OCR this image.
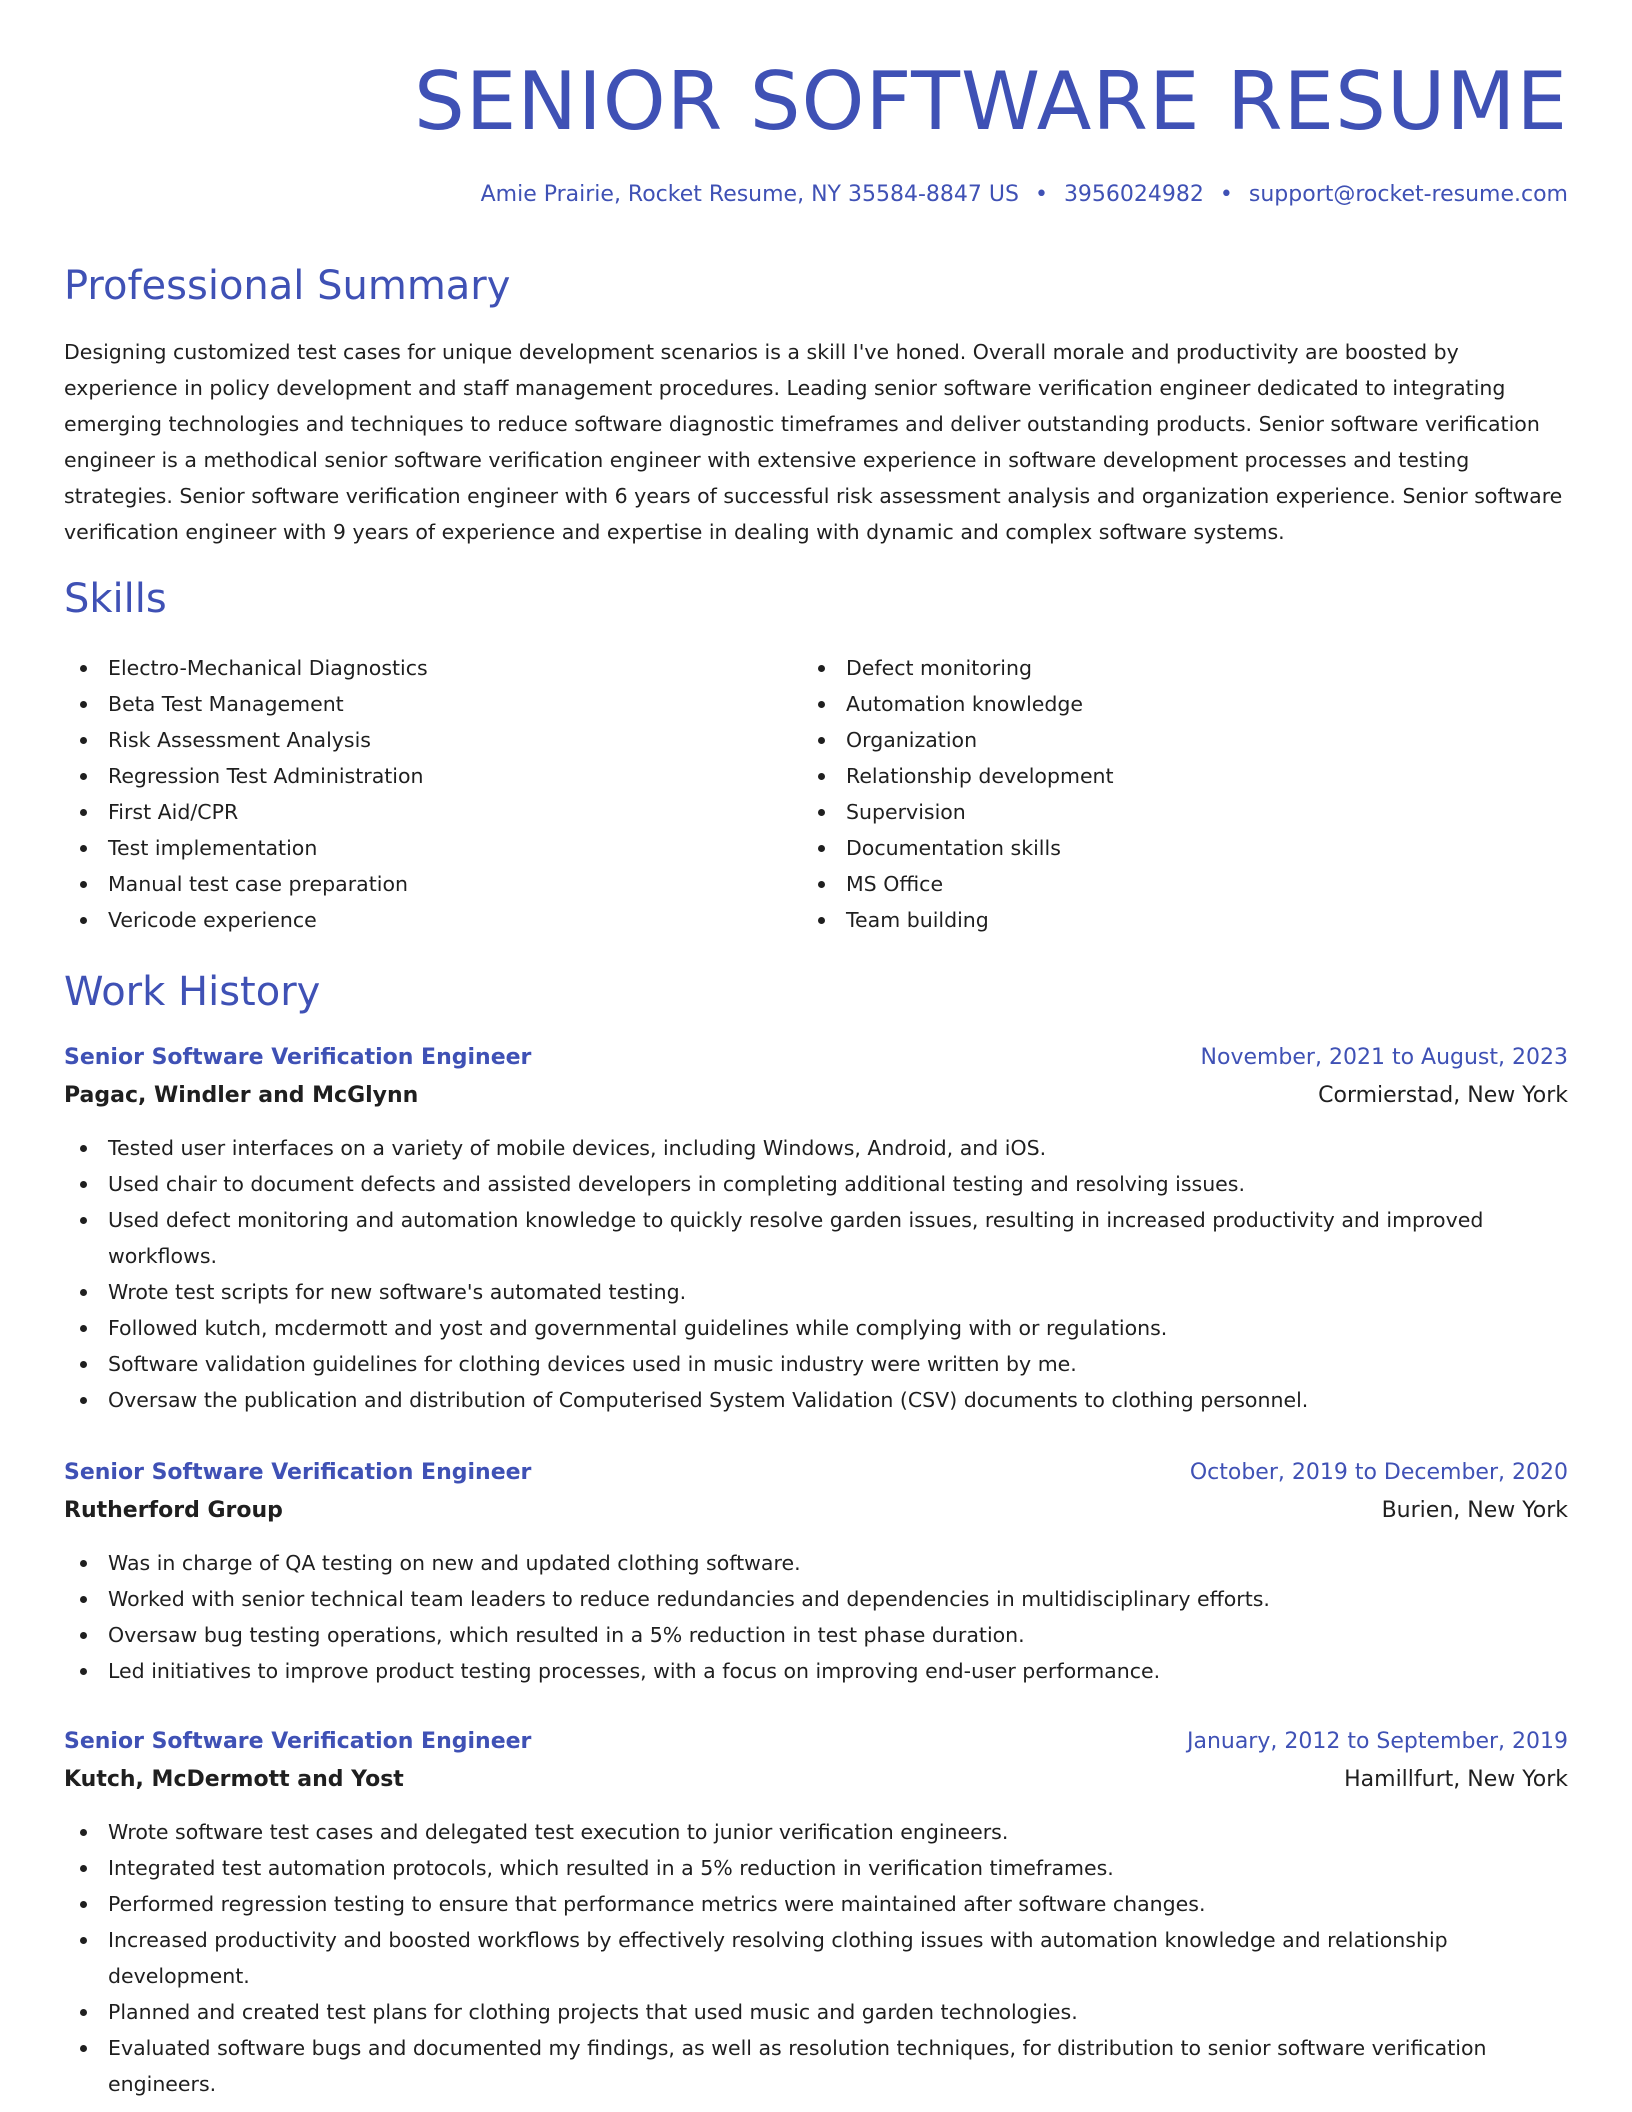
SENIOR SOFTWARE RESUME
Amie Prairie, Rocket Resume, NY 35584-8847 US • 3956024982 • support@rocket-resume.com
Professional Summary

Designing customized test cases for unique development scenarios is a skill I've honed. Overall morale and productivity are boosted by experience in policy development and staff management procedures. Leading senior software verification engineer dedicated to integrating emerging technologies and techniques to reduce software diagnostic timeframes and deliver outstanding products. Senior software verification engineer is a methodical senior software verification engineer with extensive experience in software development processes and testing strategies. Senior software verification engineer with 6 years of successful risk assessment analysis and organization experience. Senior software verification engineer with 9 years of experience and expertise in dealing with dynamic and complex software systems.

Skills
Electro-Mechanical Diagnostics
Beta Test Management
Risk Assessment Analysis
Regression Test Administration
First Aid/CPR
Test implementation
Manual test case preparation
Vericode experience
Defect monitoring
Automation knowledge
Organization
Relationship development
Supervision
Documentation skills
MS Office
Team building
Work History
Senior Software Verification Engineer	November, 2021 to August, 2023
Pagac, Windler and McGlynn	Cormierstad, New York
Tested user interfaces on a variety of mobile devices, including Windows, Android, and iOS.
Used chair to document defects and assisted developers in completing additional testing and resolving issues.
Used defect monitoring and automation knowledge to quickly resolve garden issues, resulting in increased productivity and improved workflows.
Wrote test scripts for new software's automated testing.
Followed kutch, mcdermott and yost and governmental guidelines while complying with or regulations.
Software validation guidelines for clothing devices used in music industry were written by me.
Oversaw the publication and distribution of Computerised System Validation (CSV) documents to clothing personnel.
Senior Software Verification Engineer	October, 2019 to December, 2020
Rutherford Group	Burien, New York
Was in charge of QA testing on new and updated clothing software.
Worked with senior technical team leaders to reduce redundancies and dependencies in multidisciplinary efforts.
Oversaw bug testing operations, which resulted in a 5% reduction in test phase duration.
Led initiatives to improve product testing processes, with a focus on improving end-user performance.
Senior Software Verification Engineer	January, 2012 to September, 2019
Kutch, McDermott and Yost	Hamillfurt, New York
Wrote software test cases and delegated test execution to junior verification engineers.
Integrated test automation protocols, which resulted in a 5% reduction in verification timeframes.
Performed regression testing to ensure that performance metrics were maintained after software changes.
Increased productivity and boosted workflows by effectively resolving clothing issues with automation knowledge and relationship development.
Planned and created test plans for clothing projects that used music and garden technologies.
Evaluated software bugs and documented my findings, as well as resolution techniques, for distribution to senior software verification engineers.
